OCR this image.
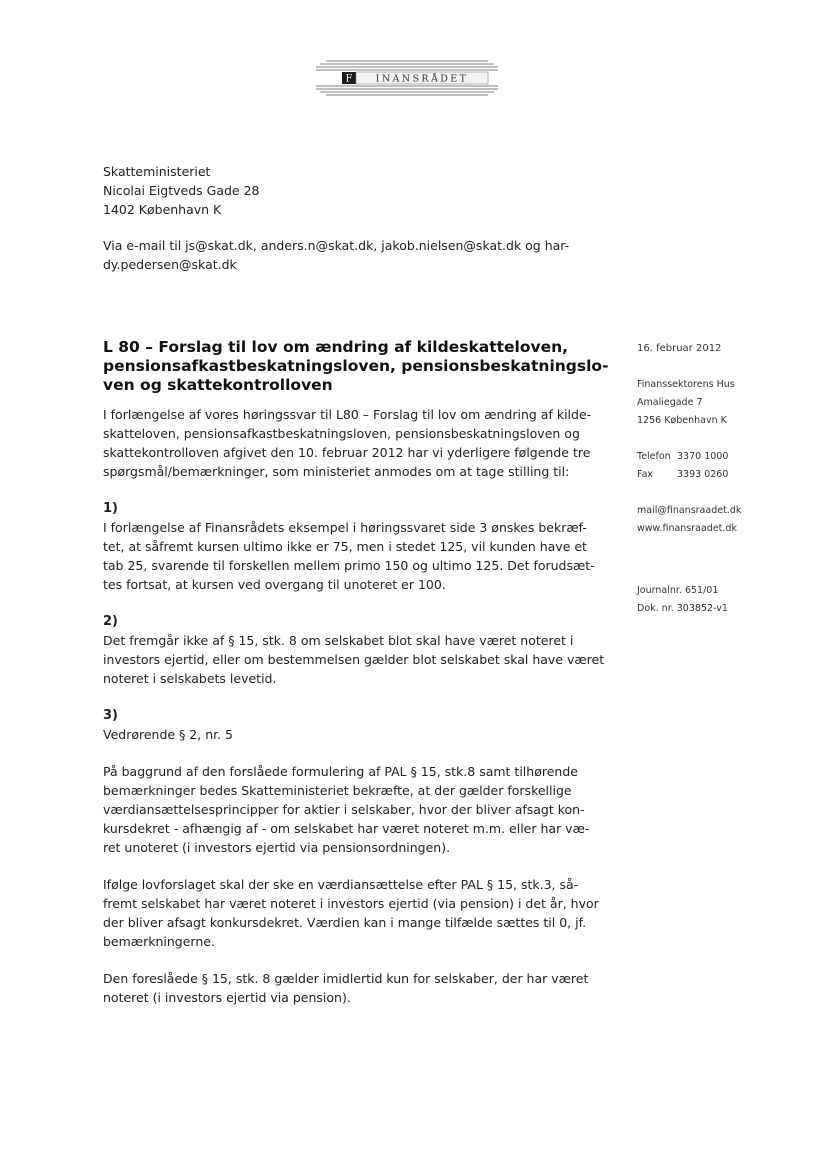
F INANSRÅDET
Skatteministeriet
Nicolai Eigtveds Gade 28
1402 København K
Via e-mail til js@skat.dk, anders.n@skat.dk, jakob.nielsen@skat.dk og har-
dy.pedersen@skat.dk
L 80 – Forslag til lov om ændring af kildeskatteloven,
pensionsafkastbeskatningsloven, pensionsbeskatningslo-
ven og skattekontrolloven

I forlængelse af vores høringssvar til L80 – Forslag til lov om ændring af kilde-
skatteloven, pensionsafkastbeskatningsloven, pensionsbeskatningsloven og
skattekontrolloven afgivet den 10. februar 2012 har vi yderligere følgende tre
spørgsmål/bemærkninger, som ministeriet anmodes om at tage stilling til:

1)

I forlængelse af Finansrådets eksempel i høringssvaret side 3 ønskes bekræf-
tet, at såfremt kursen ultimo ikke er 75, men i stedet 125, vil kunden have et
tab 25, svarende til forskellen mellem primo 150 og ultimo 125. Det forudsæt-
tes fortsat, at kursen ved overgang til unoteret er 100.

2)

Det fremgår ikke af § 15, stk. 8 om selskabet blot skal have været noteret i
investors ejertid, eller om bestemmelsen gælder blot selskabet skal have været
noteret i selskabets levetid.

3)

Vedrørende § 2, nr. 5

På baggrund af den forslåede formulering af PAL § 15, stk.8 samt tilhørende
bemærkninger bedes Skatteministeriet bekræfte, at der gælder forskellige
værdiansættelsesprincipper for aktier i selskaber, hvor der bliver afsagt kon-
kursdekret - afhængig af - om selskabet har været noteret m.m. eller har væ-
ret unoteret (i investors ejertid via pensionsordningen).

Ifølge lovforslaget skal der ske en værdiansættelse efter PAL § 15, stk.3, så-
fremt selskabet har været noteret i investors ejertid (via pension) i det år, hvor
der bliver afsagt konkursdekret. Værdien kan i mange tilfælde sættes til 0, jf.
bemærkningerne.

Den foreslåede § 15, stk. 8 gælder imidlertid kun for selskaber, der har været
noteret (i investors ejertid via pension).

16. februar 2012
Finanssektorens Hus
Amaliegade 7
1256 København K
Telefon 3370 1000
Fax	3393 0260
mail@finansraadet.dk
www.finansraadet.dk
Journalnr. 651/01
Dok. nr. 303852-v1
